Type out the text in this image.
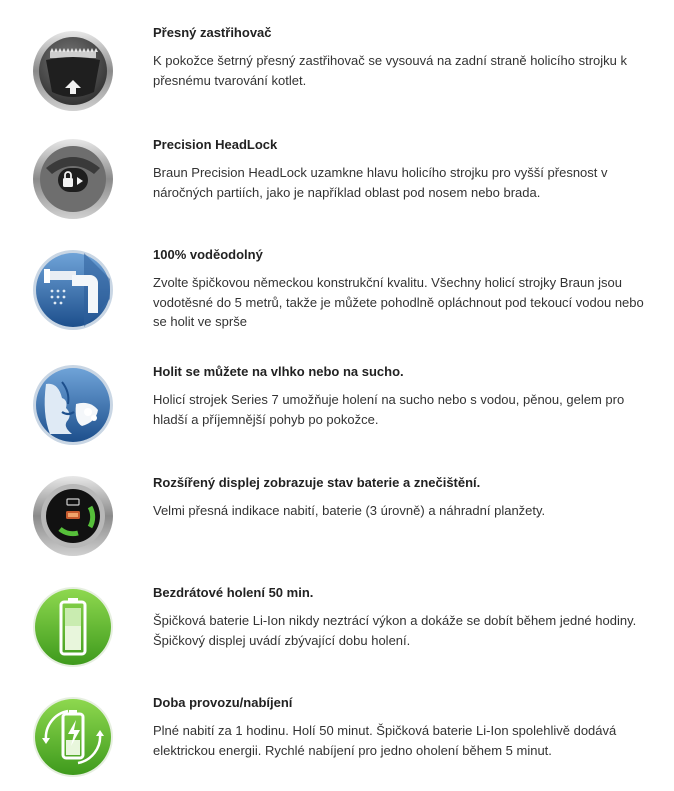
Přesný zastřihovač
K pokožce šetrný přesný zastřihovač se vysouvá na zadní straně holicího strojku k přesnému tvarování kotlet.
Precision HeadLock
Braun Precision HeadLock uzamkne hlavu holicího strojku pro vyšší přesnost v náročných partiích, jako je například oblast pod nosem nebo brada.
100% voděodolný
Zvolte špičkovou německou konstrukční kvalitu. Všechny holicí strojky Braun jsou vodotěsné do 5 metrů, takže je můžete pohodlně opláchnout pod tekoucí vodou nebo se holit ve sprše
Holit se můžete na vlhko nebo na sucho.
Holicí strojek Series 7 umožňuje holení na sucho nebo s vodou, pěnou, gelem pro hladší a příjemnější pohyb po pokožce.
Rozšířený displej zobrazuje stav baterie a znečištění.
Velmi přesná indikace nabití, baterie (3 úrovně) a náhradní planžety.
Bezdrátové holení 50 min.
Špičková baterie Li-Ion nikdy neztrácí výkon a dokáže se dobít během jedné hodiny. Špičkový displej uvádí zbývající dobu holení.
Doba provozu/nabíjení
Plné nabití za 1 hodinu. Holí 50 minut. Špičková baterie Li-Ion spolehlivě dodává elektrickou energii. Rychlé nabíjení pro jedno oholení během 5 minut.
